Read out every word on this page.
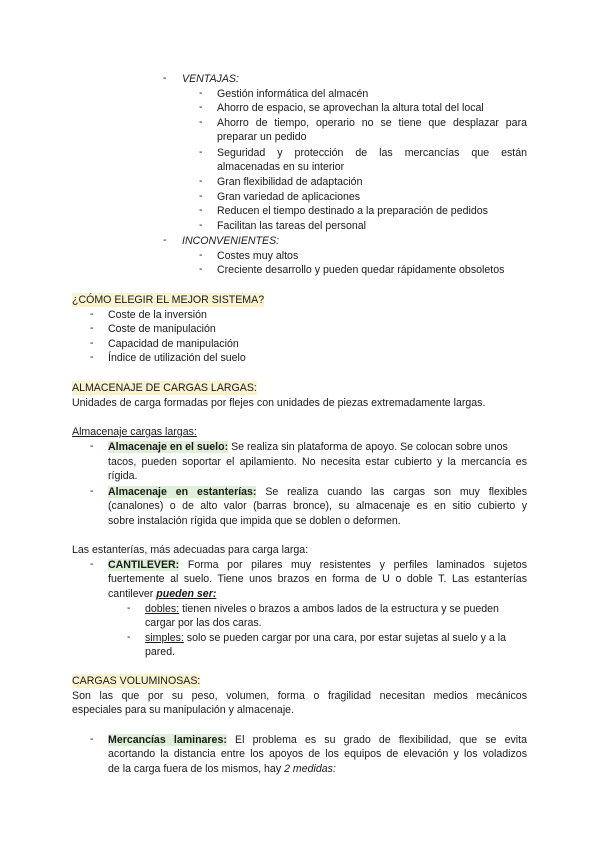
- VENTAJAS:
- Gestión informática del almacén
- Ahorro de espacio, se aprovechan la altura total del local
- Ahorro de tiempo, operario no se tiene que desplazar para
preparar un pedido
- Seguridad y protección de las mercancías que están
almacenadas en su interior
- Gran flexibilidad de adaptación
- Gran variedad de aplicaciones
- Reducen el tiempo destinado a la preparación de pedidos
- Facilitan las tareas del personal
- INCONVENIENTES:
- Costes muy altos
- Creciente desarrollo y pueden quedar rápidamente obsoletos
¿CÓMO ELEGIR EL MEJOR SISTEMA?
- Coste de la inversión
- Coste de manipulación
- Capacidad de manipulación
- Índice de utilización del suelo
ALMACENAJE DE CARGAS LARGAS:
Unidades de carga formadas por flejes con unidades de piezas extremadamente largas.
Almacenaje cargas largas:
- Almacenaje en el suelo: Se realiza sin plataforma de apoyo. Se colocan sobre unos
tacos, pueden soportar el apilamiento. No necesita estar cubierto y la mercancía es
rígida.
- Almacenaje en estanterías: Se realiza cuando las cargas son muy flexibles
(canalones) o de alto valor (barras bronce), su almacenaje es en sitio cubierto y
sobre instalación rígida que impida que se doblen o deformen.
Las estanterías, más adecuadas para carga larga:
- CANTILEVER: Forma por pilares muy resistentes y perfiles laminados sujetos
fuertemente al suelo. Tiene unos brazos en forma de U o doble T. Las estanterías
cantilever pueden ser:
- dobles: tienen niveles o brazos a ambos lados de la estructura y se pueden
cargar por las dos caras.
- simples: solo se pueden cargar por una cara, por estar sujetas al suelo y a la
pared.
CARGAS VOLUMINOSAS:
Son las que por su peso, volumen, forma o fragilidad necesitan medios mecánicos
especiales para su manipulación y almacenaje.
- Mercancías laminares: El problema es su grado de flexibilidad, que se evita
acortando la distancia entre los apoyos de los equipos de elevación y los voladizos
de la carga fuera de los mismos, hay 2 medidas:
